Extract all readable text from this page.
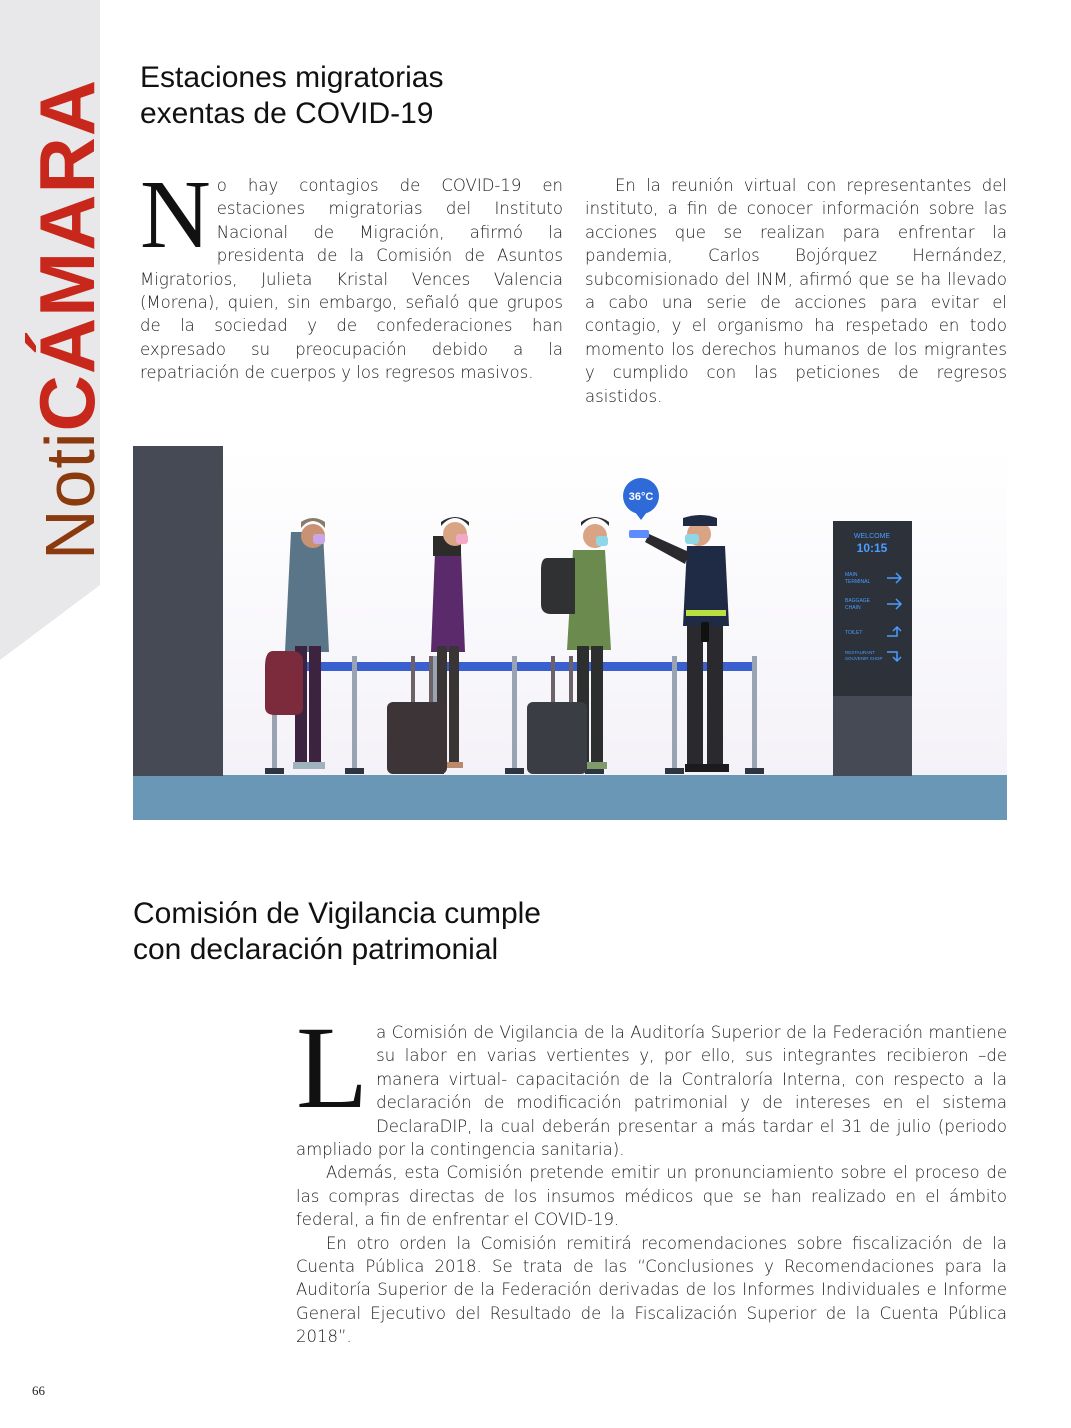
NotiCÁMARA
Estaciones migratorias
exentas de COVID-19
N o hay contagios de COVID-19 en estaciones migratorias del Instituto Nacional de Migración, afirmó la presidenta de la Comisión de Asuntos Migratorios, Julieta Kristal Vences Valencia (Morena), quien, sin embargo, señaló que grupos de la sociedad y de confederaciones han expresado su preocupación debido a la repatriación de cuerpos y los regresos masivos.

En la reunión virtual con representantes del instituto, a fin de conocer información sobre las acciones que se realizan para enfrentar la pandemia, Carlos Bojórquez Hernández, subcomisionado del INM, afirmó que se ha llevado a cabo una serie de acciones para evitar el contagio, y el organismo ha respetado en todo momento los derechos humanos de los migrantes y cumplido con las peticiones de regresos asistidos.

36°C
WELCOME
10:15
MAIN
TERMINAL
BAGGAGE
CHAIN
TOILET
RESTAURANT
SOUVENIR SHOP
Comisión de Vigilancia cumple
con declaración patrimonial
L a Comisión de Vigilancia de la Auditoría Superior de la Federación mantiene su labor en varias vertientes y, por ello, sus integrantes recibieron –de manera virtual- capacitación de la Contraloría Interna, con respecto a la declaración de modificación patrimonial y de intereses en el sistema DeclaraDIP, la cual deberán presentar a más tardar el 31 de julio (periodo ampliado por la contingencia sanitaria).

Además, esta Comisión pretende emitir un pronunciamiento sobre el proceso de las compras directas de los insumos médicos que se han realizado en el ámbito federal, a fin de enfrentar el COVID-19.

En otro orden la Comisión remitirá recomendaciones sobre fiscalización de la Cuenta Pública 2018. Se trata de las “Conclusiones y Recomendaciones para la Auditoría Superior de la Federación derivadas de los Informes Individuales e Informe General Ejecutivo del Resultado de la Fiscalización Superior de la Cuenta Pública 2018”.

66
